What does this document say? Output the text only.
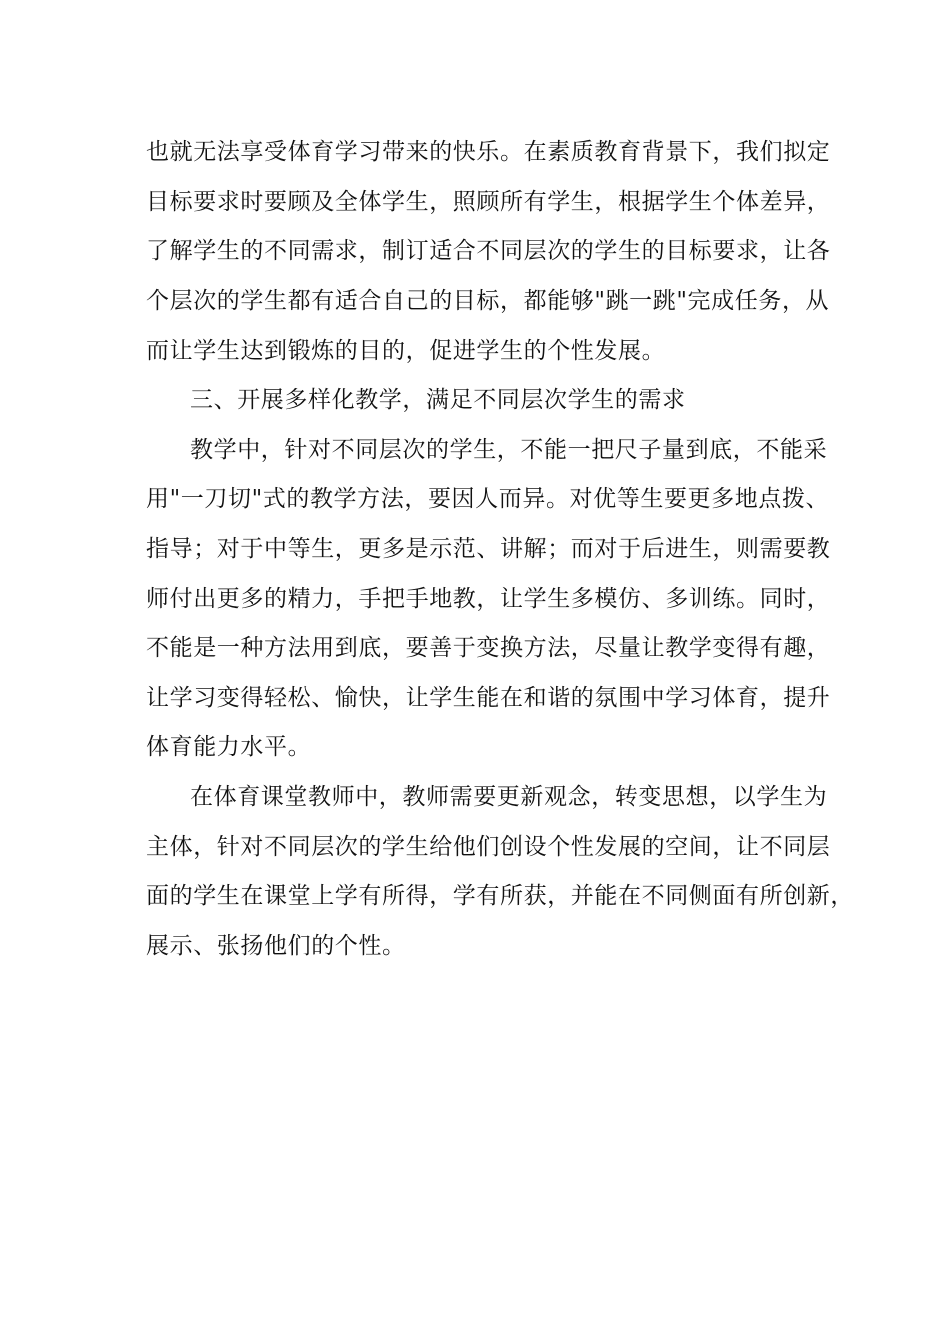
也就无法享受体育学习带来的快乐。在素质教育背景下，我们拟定
目标要求时要顾及全体学生，照顾所有学生，根据学生个体差异，
了解学生的不同需求，制订适合不同层次的学生的目标要求，让各
个层次的学生都有适合自己的目标，都能够"跳一跳"完成任务，从
而让学生达到锻炼的目的，促进学生的个性发展。
三、开展多样化教学，满足不同层次学生的需求
教学中，针对不同层次的学生，不能一把尺子量到底，不能采
用"一刀切"式的教学方法，要因人而异。对优等生要更多地点拨、
指导；对于中等生，更多是示范、讲解；而对于后进生，则需要教
师付出更多的精力，手把手地教，让学生多模仿、多训练。同时，
不能是一种方法用到底，要善于变换方法，尽量让教学变得有趣，
让学习变得轻松、愉快，让学生能在和谐的氛围中学习体育，提升
体育能力水平。
在体育课堂教师中，教师需要更新观念，转变思想，以学生为
主体，针对不同层次的学生给他们创设个性发展的空间，让不同层
面的学生在课堂上学有所得，学有所获，并能在不同侧面有所创新，
展示、张扬他们的个性。
